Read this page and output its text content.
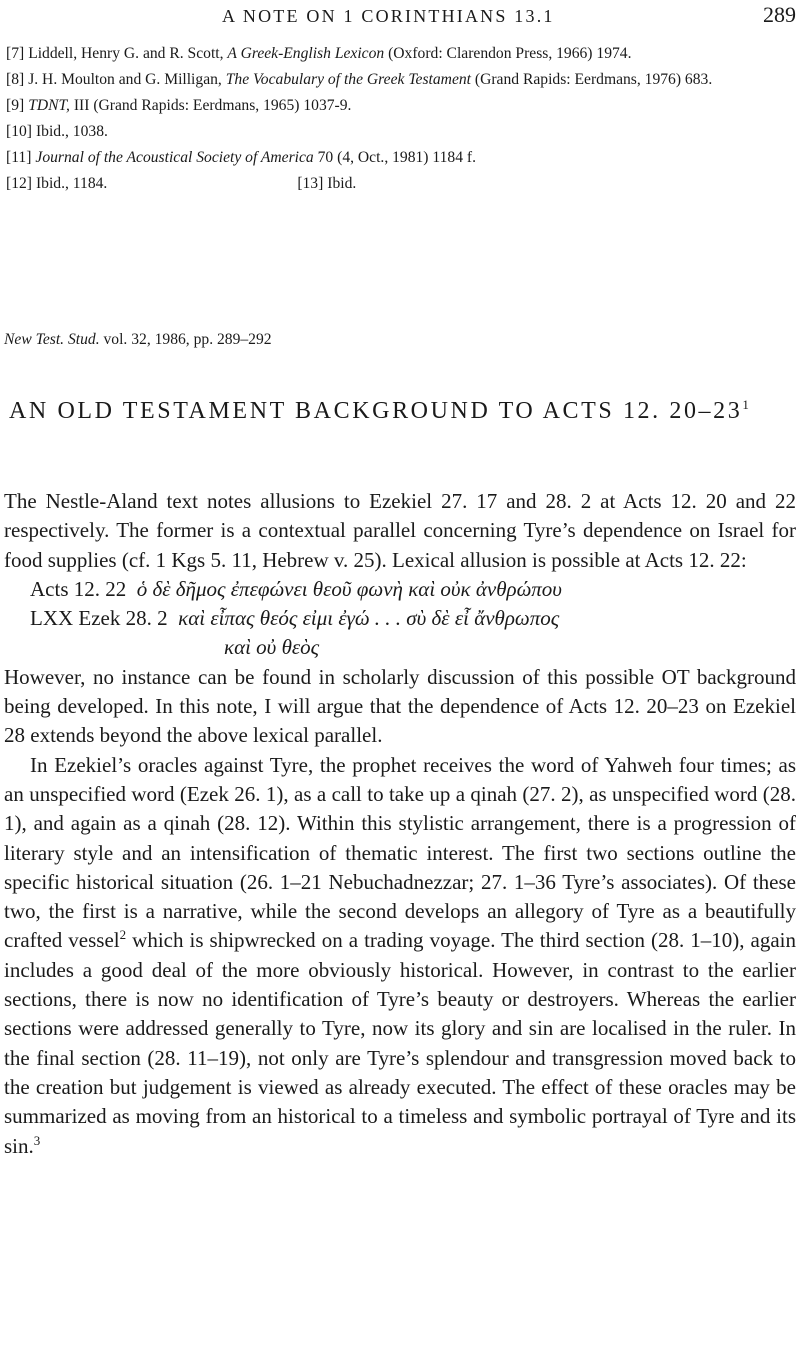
A NOTE ON 1 CORINTHIANS 13.1	289
[7] Liddell, Henry G. and R. Scott, A Greek-English Lexicon (Oxford: Clarendon Press, 1966) 1974.
[8] J. H. Moulton and G. Milligan, The Vocabulary of the Greek Testament (Grand Rapids: Eerdmans, 1976) 683.
[9] TDNT, III (Grand Rapids: Eerdmans, 1965) 1037-9.
[10] Ibid., 1038.
[11] Journal of the Acoustical Society of America 70 (4, Oct., 1981) 1184 f.
[12] Ibid., 1184.	[13] Ibid.
New Test. Stud. vol. 32, 1986, pp. 289–292
AN OLD TESTAMENT BACKGROUND TO ACTS 12. $20-23^1$

The Nestle-Aland text notes allusions to Ezekiel 27. 17 and 28. 2 at Acts 12. 20 and 22 respectively. The former is a contextual parallel concerning Tyre’s dependence on Israel for food supplies (cf. 1 Kgs 5. 11, Hebrew v. 25). Lexical allusion is possible at Acts 12. 22:

Acts 12. 22 ὁ δὲ δῆμος ἐπεφώνει θεοῦ φωνὴ καὶ οὐκ ἀνθρώπου
LXX Ezek 28. 2 καὶ εἶπας θεός εἰμι ἐγώ . . . σὺ δὲ εἶ ἄνθρωπος
καὶ οὐ θεὸς

However, no instance can be found in scholarly discussion of this possible OT background being developed. In this note, I will argue that the dependence of Acts 12. 20–23 on Ezekiel 28 extends beyond the above lexical parallel.

In Ezekiel’s oracles against Tyre, the prophet receives the word of Yahweh four times; as an unspecified word (Ezek 26. 1), as a call to take up a qinah (27. 2), as unspecified word (28. 1), and again as a qinah (28. 12). Within this stylistic arrangement, there is a progression of literary style and an intensification of thematic interest. The first two sections outline the specific historical situation (26. 1–21 Nebuchadnezzar; 27. 1–36 Tyre’s associates). Of these two, the first is a narrative, while the second develops an allegory of Tyre as a beautifully crafted vessel$^2$ which is shipwrecked on a trading voyage. The third section (28. 1–10), again includes a good deal of the more obviously historical. However, in contrast to the earlier sections, there is now no identification of Tyre’s beauty or destroyers. Whereas the earlier sections were addressed generally to Tyre, now its glory and sin are localised in the ruler. In the final section (28. 11–19), not only are Tyre’s splendour and transgression moved back to the creation but judgement is viewed as already executed. The effect of these oracles may be summarized as moving from an historical to a timeless and symbolic portrayal of Tyre and its sin.$^3$
